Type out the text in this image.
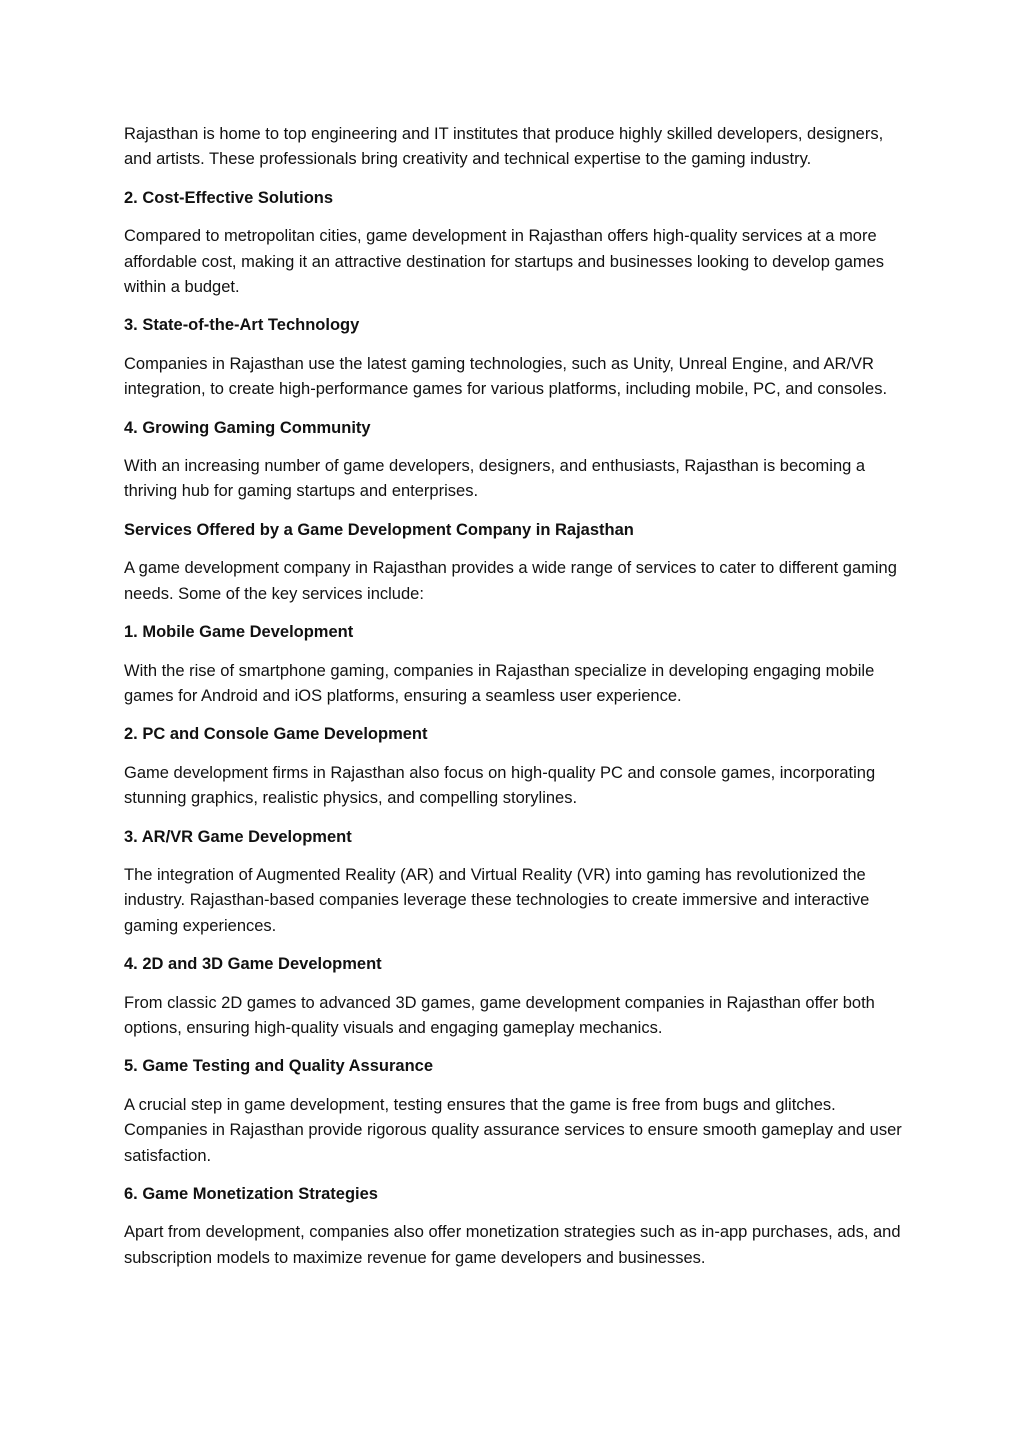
Rajasthan is home to top engineering and IT institutes that produce highly skilled developers, designers, and artists. These professionals bring creativity and technical expertise to the gaming industry.

2. Cost-Effective Solutions

Compared to metropolitan cities, game development in Rajasthan offers high-quality services at a more affordable cost, making it an attractive destination for startups and businesses looking to develop games within a budget.

3. State-of-the-Art Technology

Companies in Rajasthan use the latest gaming technologies, such as Unity, Unreal Engine, and AR/VR integration, to create high-performance games for various platforms, including mobile, PC, and consoles.

4. Growing Gaming Community

With an increasing number of game developers, designers, and enthusiasts, Rajasthan is becoming a thriving hub for gaming startups and enterprises.

Services Offered by a Game Development Company in Rajasthan

A game development company in Rajasthan provides a wide range of services to cater to different gaming needs. Some of the key services include:

1. Mobile Game Development

With the rise of smartphone gaming, companies in Rajasthan specialize in developing engaging mobile games for Android and iOS platforms, ensuring a seamless user experience.

2. PC and Console Game Development

Game development firms in Rajasthan also focus on high-quality PC and console games, incorporating stunning graphics, realistic physics, and compelling storylines.

3. AR/VR Game Development

The integration of Augmented Reality (AR) and Virtual Reality (VR) into gaming has revolutionized the industry. Rajasthan-based companies leverage these technologies to create immersive and interactive gaming experiences.

4. 2D and 3D Game Development

From classic 2D games to advanced 3D games, game development companies in Rajasthan offer both options, ensuring high-quality visuals and engaging gameplay mechanics.

5. Game Testing and Quality Assurance

A crucial step in game development, testing ensures that the game is free from bugs and glitches. Companies in Rajasthan provide rigorous quality assurance services to ensure smooth gameplay and user satisfaction.

6. Game Monetization Strategies

Apart from development, companies also offer monetization strategies such as in-app purchases, ads, and subscription models to maximize revenue for game developers and businesses.
